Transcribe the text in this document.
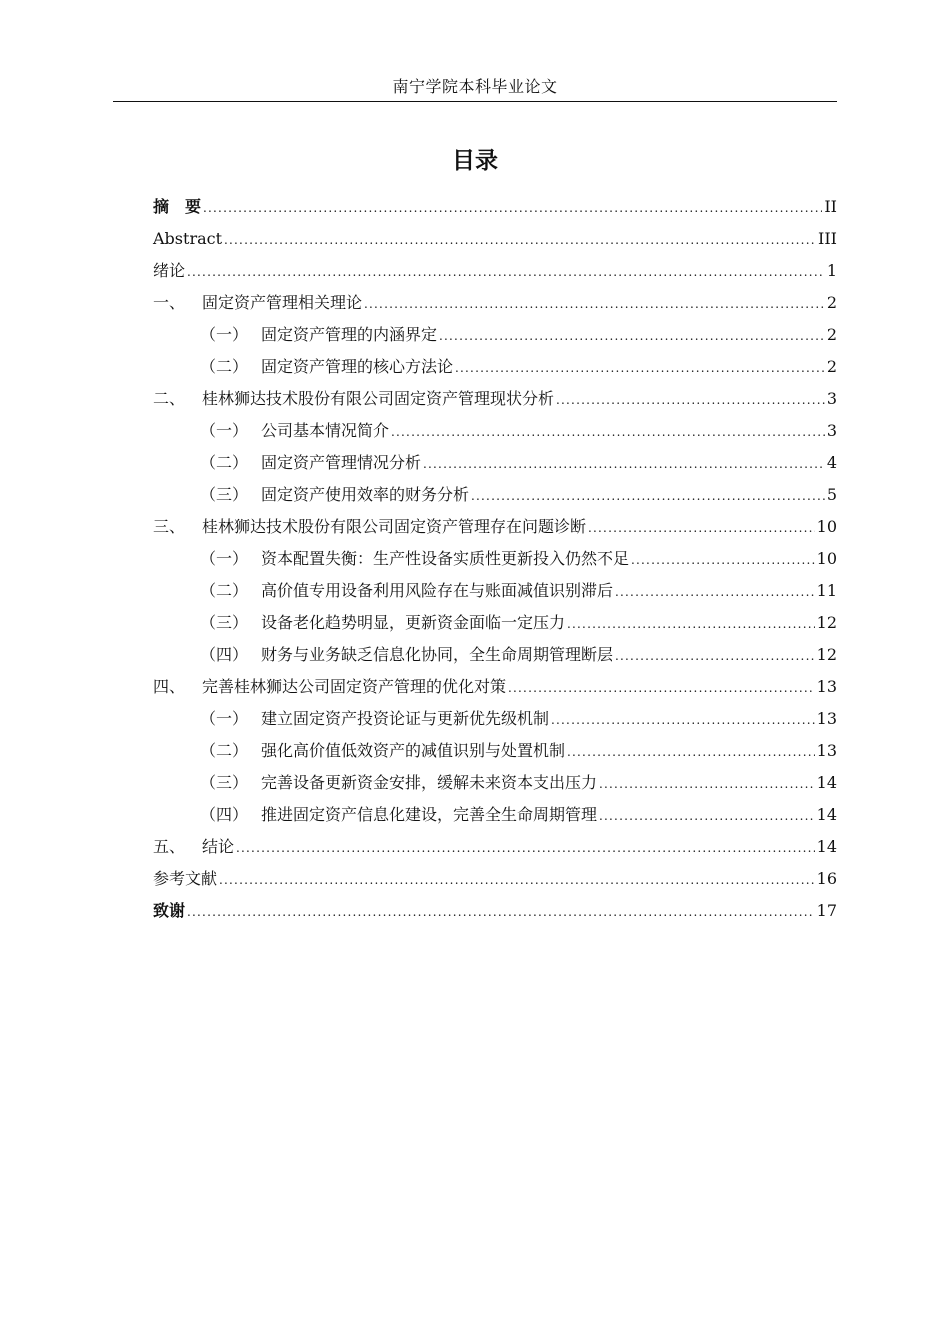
南宁学院本科毕业论文
目录
摘　要 .....	II
Abstract .....	III
绪论 .....	1
一、	固定资产管理相关理论 .....	2
（一） 固定资产管理的内涵界定 .....	2
（二） 固定资产管理的核心方法论 .....	2
二、	桂林狮达技术股份有限公司固定资产管理现状分析 .....	3
（一） 公司基本情况简介 .....	3
（二） 固定资产管理情况分析 .....	4
（三） 固定资产使用效率的财务分析 .....	5
三、	桂林狮达技术股份有限公司固定资产管理存在问题诊断 .....	10
（一） 资本配置失衡：生产性设备实质性更新投入仍然不足 .....	10
（二） 高价值专用设备利用风险存在与账面减值识别滞后 .....	11
（三） 设备老化趋势明显，更新资金面临一定压力 .....	12
（四） 财务与业务缺乏信息化协同，全生命周期管理断层 .....	12
四、	完善桂林狮达公司固定资产管理的优化对策 .....	13
（一） 建立固定资产投资论证与更新优先级机制 .....	13
（二） 强化高价值低效资产的减值识别与处置机制 .....	13
（三） 完善设备更新资金安排，缓解未来资本支出压力 .....	14
（四） 推进固定资产信息化建设，完善全生命周期管理 .....	14
五、	结论 .....	14
参考文献 .....	16
致谢 .....	17
